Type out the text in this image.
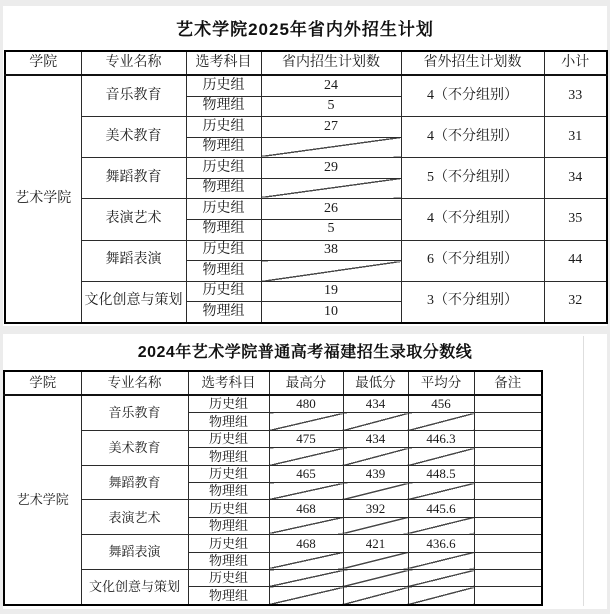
艺术学院2025年省内外招生计划
学院	专业名称	选考科目	省内招生计划数	省外招生计划数	小计
艺术学院	音乐教育	历史组	24	4（不分组别）	33
		物理组	5		
	美术教育	历史组	27	4（不分组别）	31
		物理组			
	舞蹈教育	历史组	29	5（不分组别）	34
		物理组			
	表演艺术	历史组	26	4（不分组别）	35
		物理组	5		
	舞蹈表演	历史组	38	6（不分组别）	44
		物理组			
	文化创意与策划	历史组	19	3（不分组别）	32
		物理组	10		
2024年艺术学院普通高考福建招生录取分数线
学院	专业名称	选考科目	最高分	最低分	平均分	备注
艺术学院	音乐教育	历史组	480	434	456	
		物理组				
	美术教育	历史组	475	434	446.3	
		物理组				
	舞蹈教育	历史组	465	439	448.5	
		物理组				
	表演艺术	历史组	468	392	445.6	
		物理组				
	舞蹈表演	历史组	468	421	436.6	
		物理组				
	文化创意与策划	历史组				
		物理组				
